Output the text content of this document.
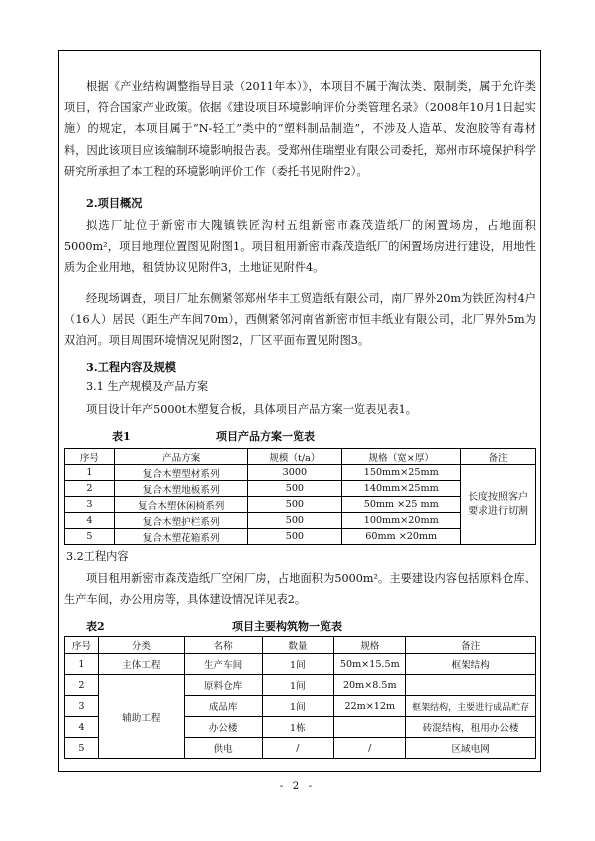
根据《产业结构调整指导目录（2011年本）》，本项目不属于淘汰类、限制类，属于允许类项目，符合国家产业政策。依据《建设项目环境影响评价分类管理名录》（2008年10月1日起实施）的规定，本项目属于“N-轻工”类中的“塑料制品制造”，不涉及人造革、发泡胶等有毒材料，因此该项目应该编制环境影响报告表。受郑州佳瑞塑业有限公司委托，郑州市环境保护科学研究所承担了本工程的环境影响评价工作（委托书见附件2）。

2.项目概况

拟选厂址位于新密市大隗镇铁匠沟村五组新密市森茂造纸厂的闲置场房，占地面积5000m²，项目地理位置图见附图1。项目租用新密市森茂造纸厂的闲置场房进行建设，用地性质为企业用地，租赁协议见附件3，土地证见附件4。

经现场调查，项目厂址东侧紧邻郑州华丰工贸造纸有限公司，南厂界外20m为铁匠沟村4户（16人）居民（距生产车间70m），西侧紧邻河南省新密市恒丰纸业有限公司，北厂界外5m为双洎河。项目周围环境情况见附图2，厂区平面布置见附图3。

3.工程内容及规模

3.1 生产规模及产品方案

项目设计年产5000t木塑复合板，具体项目产品方案一览表见表1。

表1	项目产品方案一览表
序号	产品方案	规模（t/a）	规格（宽×厚）	备注
1	复合木塑型材系列	3000	150mm×25mm	长度按照客户要求进行切割
2	复合木塑地板系列	500	140mm×25mm	
3	复合木塑休闲椅系列	500	50mm ×25 mm	
4	复合木塑护栏系列	500	100mm×20mm	
5	复合木塑花箱系列	500	60mm ×20mm	

3.2工程内容

项目租用新密市森茂造纸厂空闲厂房，占地面积为5000m²。主要建设内容包括原料仓库、生产车间，办公用房等，具体建设情况详见表2。

表2	项目主要构筑物一览表
序号	分类	名称	数量	规格	备注
1	主体工程	生产车间	1间	50m×15.5m	框架结构
2	辅助工程	原料仓库	1间	20m×8.5m	
3		成品库	1间	22m×12m	框架结构，主要进行成品贮存
4		办公楼	1栋		砖混结构，租用办公楼
5		供电	/	/	区域电网
- 2 -
